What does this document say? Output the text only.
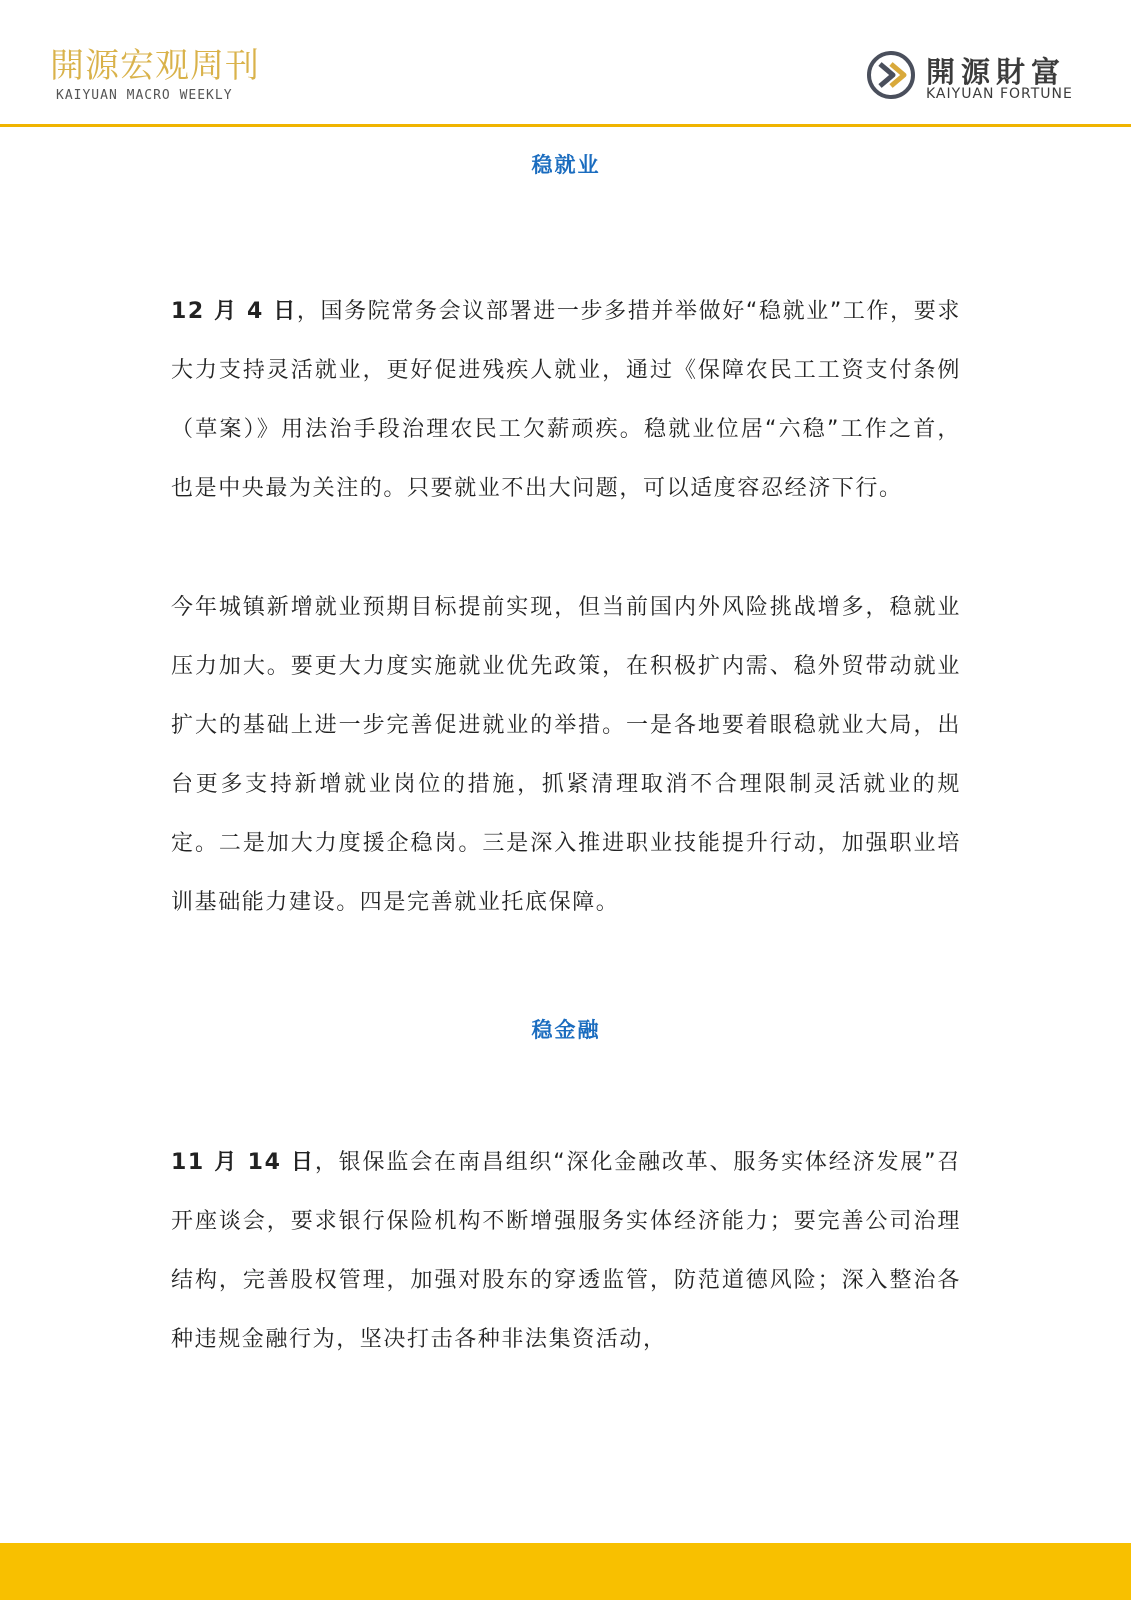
開源宏观周刊
KAIYUAN MACRO WEEKLY
開源財富
KAIYUAN FORTUNE
稳就业

12 月 4 日，国务院常务会议部署进一步多措并举做好“稳就业”工作，要求大力支持灵活就业，更好促进残疾人就业，通过《保障农民工工资支付条例（草案）》用法治手段治理农民工欠薪顽疾。稳就业位居“六稳”工作之首，也是中央最为关注的。只要就业不出大问题，可以适度容忍经济下行。

今年城镇新增就业预期目标提前实现，但当前国内外风险挑战增多，稳就业压力加大。要更大力度实施就业优先政策，在积极扩内需、稳外贸带动就业扩大的基础上进一步完善促进就业的举措。一是各地要着眼稳就业大局，出台更多支持新增就业岗位的措施，抓紧清理取消不合理限制灵活就业的规定。二是加大力度援企稳岗。三是深入推进职业技能提升行动，加强职业培训基础能力建设。四是完善就业托底保障。

稳金融

11 月 14 日，银保监会在南昌组织“深化金融改革、服务实体经济发展”召开座谈会，要求银行保险机构不断增强服务实体经济能力；要完善公司治理结构，完善股权管理，加强对股东的穿透监管，防范道德风险；深入整治各种违规金融行为，坚决打击各种非法集资活动，
